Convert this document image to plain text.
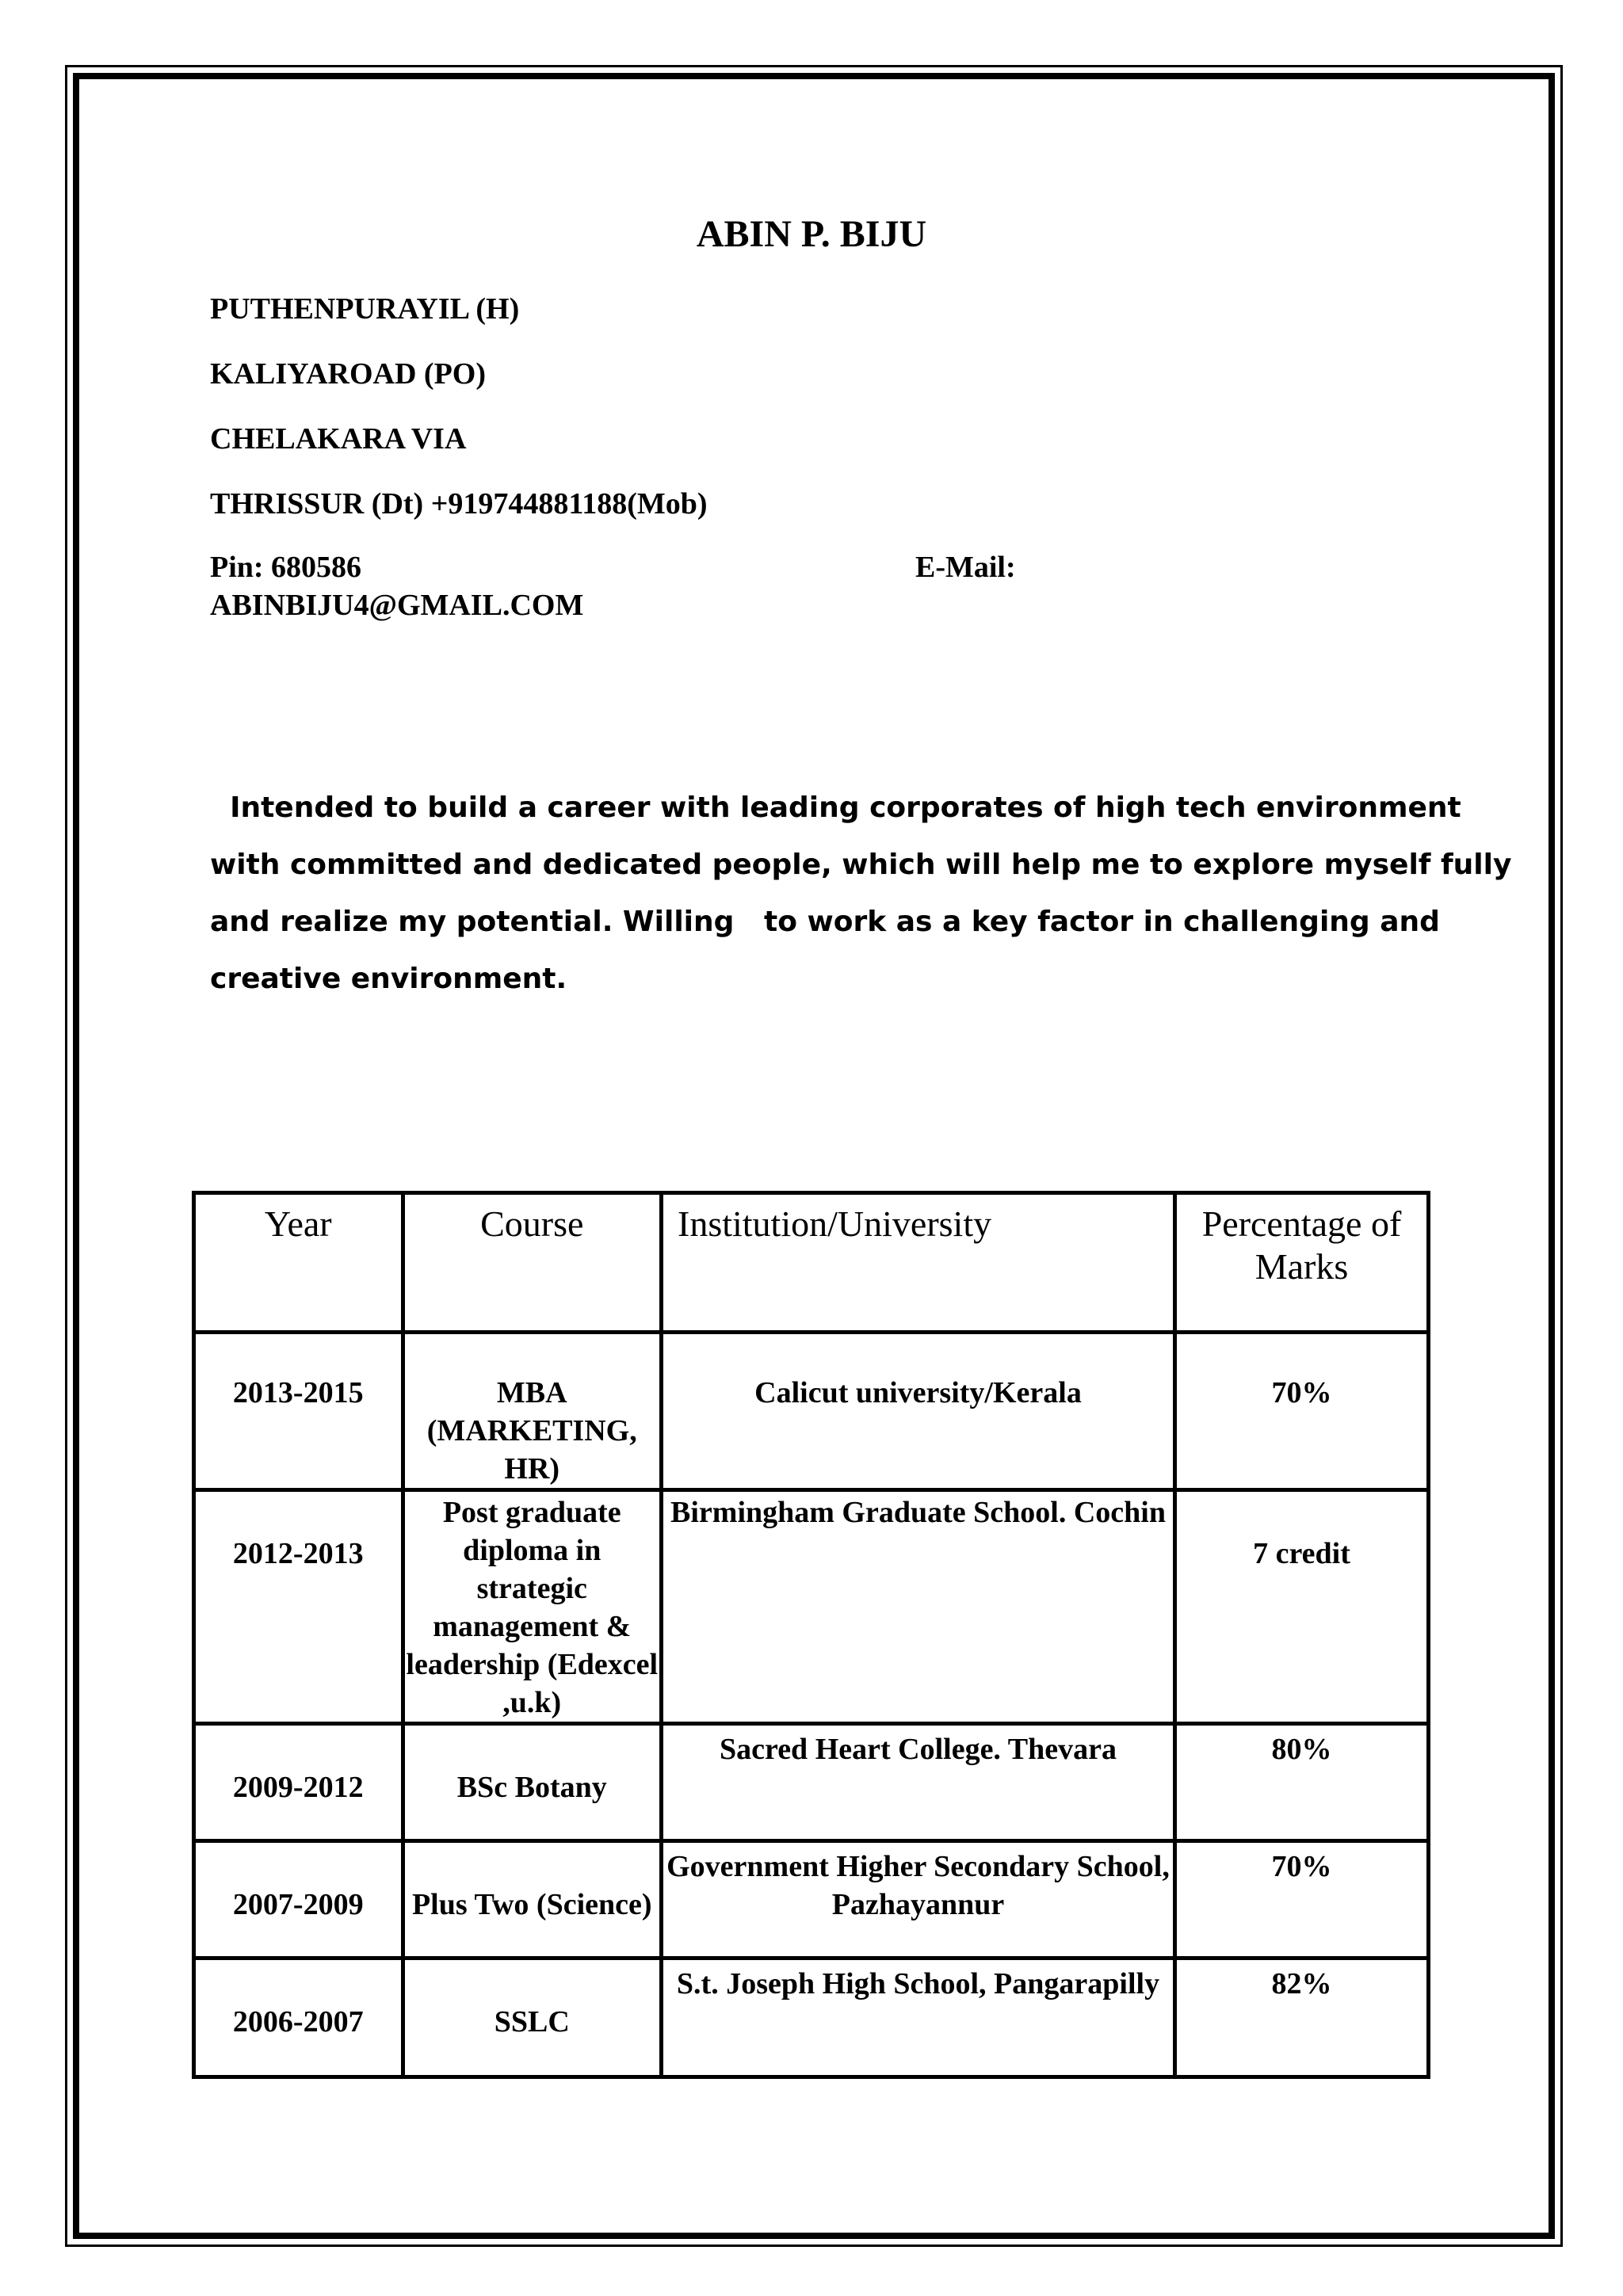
ABIN P. BIJU
PUTHENPURAYIL (H)
KALIYAROAD (PO)
CHELAKARA VIA
THRISSUR (Dt) +919744881188(Mob)
Pin: 680586	E-Mail:
ABINBIJU4@GMAIL.COM
Intended to build a career with leading corporates of high tech environment
with committed and dedicated people, which will help me to explore myself fully
and realize my potential. Willing   to work as a key factor in challenging and
creative environment.
Year	Course	Institution/University	Percentage of Marks
2013-2015	MBA (MARKETING, HR)	Calicut university/Kerala	70%
2012-2013	Post graduate diploma in strategic management & leadership (Edexcel ,u.k)	Birmingham Graduate School. Cochin	7 credit
2009-2012	BSc Botany	Sacred Heart College. Thevara	80%
2007-2009	Plus Two (Science)	Government Higher Secondary School, Pazhayannur	70%
2006-2007	SSLC	S.t. Joseph High School, Pangarapilly	82%
